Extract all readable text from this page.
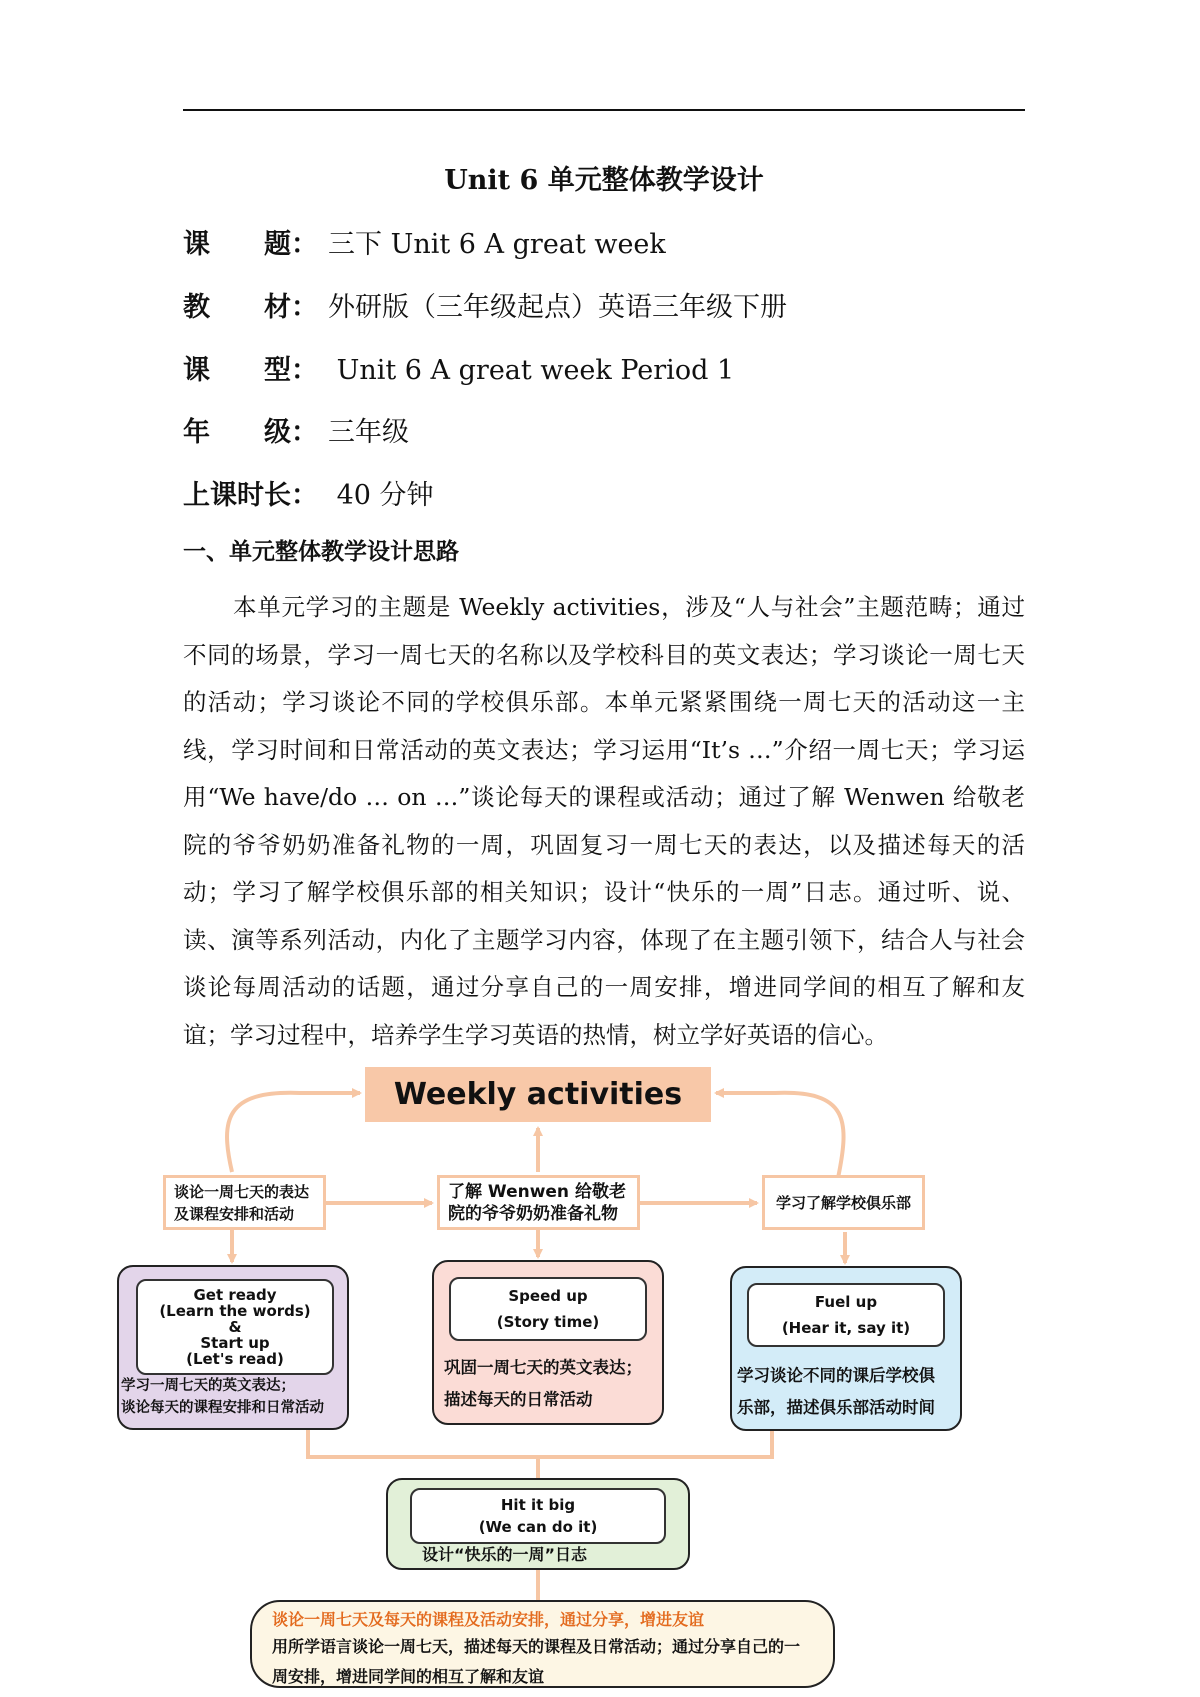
Unit 6 单元整体教学设计
课　　题： 三下 Unit 6 A great week
教　　材： 外研版（三年级起点）英语三年级下册
课　　型： Unit 6 A great week Period 1
年　　级： 三年级
上课时长： 40 分钟
一、单元整体教学设计思路

本单元学习的主题是 Weekly activities，涉及“人与社会”主题范畴；通过不同的场景，学习一周七天的名称以及学校科目的英文表达；学习谈论一周七天的活动；学习谈论不同的学校俱乐部。本单元紧紧围绕一周七天的活动这一主线，学习时间和日常活动的英文表达；学习运用“It’s …”介绍一周七天；学习运用“We have/do … on …”谈论每天的课程或活动；通过了解 Wenwen 给敬老院的爷爷奶奶准备礼物的一周，巩固复习一周七天的表达，以及描述每天的活动；学习了解学校俱乐部的相关知识；设计“快乐的一周”日志。通过听、说、读、演等系列活动，内化了主题学习内容，体现了在主题引领下，结合人与社会谈论每周活动的话题，通过分享自己的一周安排，增进同学间的相互了解和友谊；学习过程中，培养学生学习英语的热情，树立学好英语的信心。

Weekly activities
谈论一周七天的表达及课程安排和活动
了解 Wenwen 给敬老院的爷爷奶奶准备礼物
学习了解学校俱乐部
Get ready
(Learn the words)
&
Start up
(Let's read)
学习一周七天的英文表达；
谈论每天的课程安排和日常活动
Speed up
(Story time)
巩固一周七天的英文表达；
描述每天的日常活动
Fuel up
(Hear it, say it)
学习谈论不同的课后学校俱
乐部，描述俱乐部活动时间
Hit it big
(We can do it)
设计“快乐的一周”日志
谈论一周七天及每天的课程及活动安排，通过分享，增进友谊
用所学语言谈论一周七天，描述每天的课程及日常活动；通过分享自己的一周安排，增进同学间的相互了解和友谊
